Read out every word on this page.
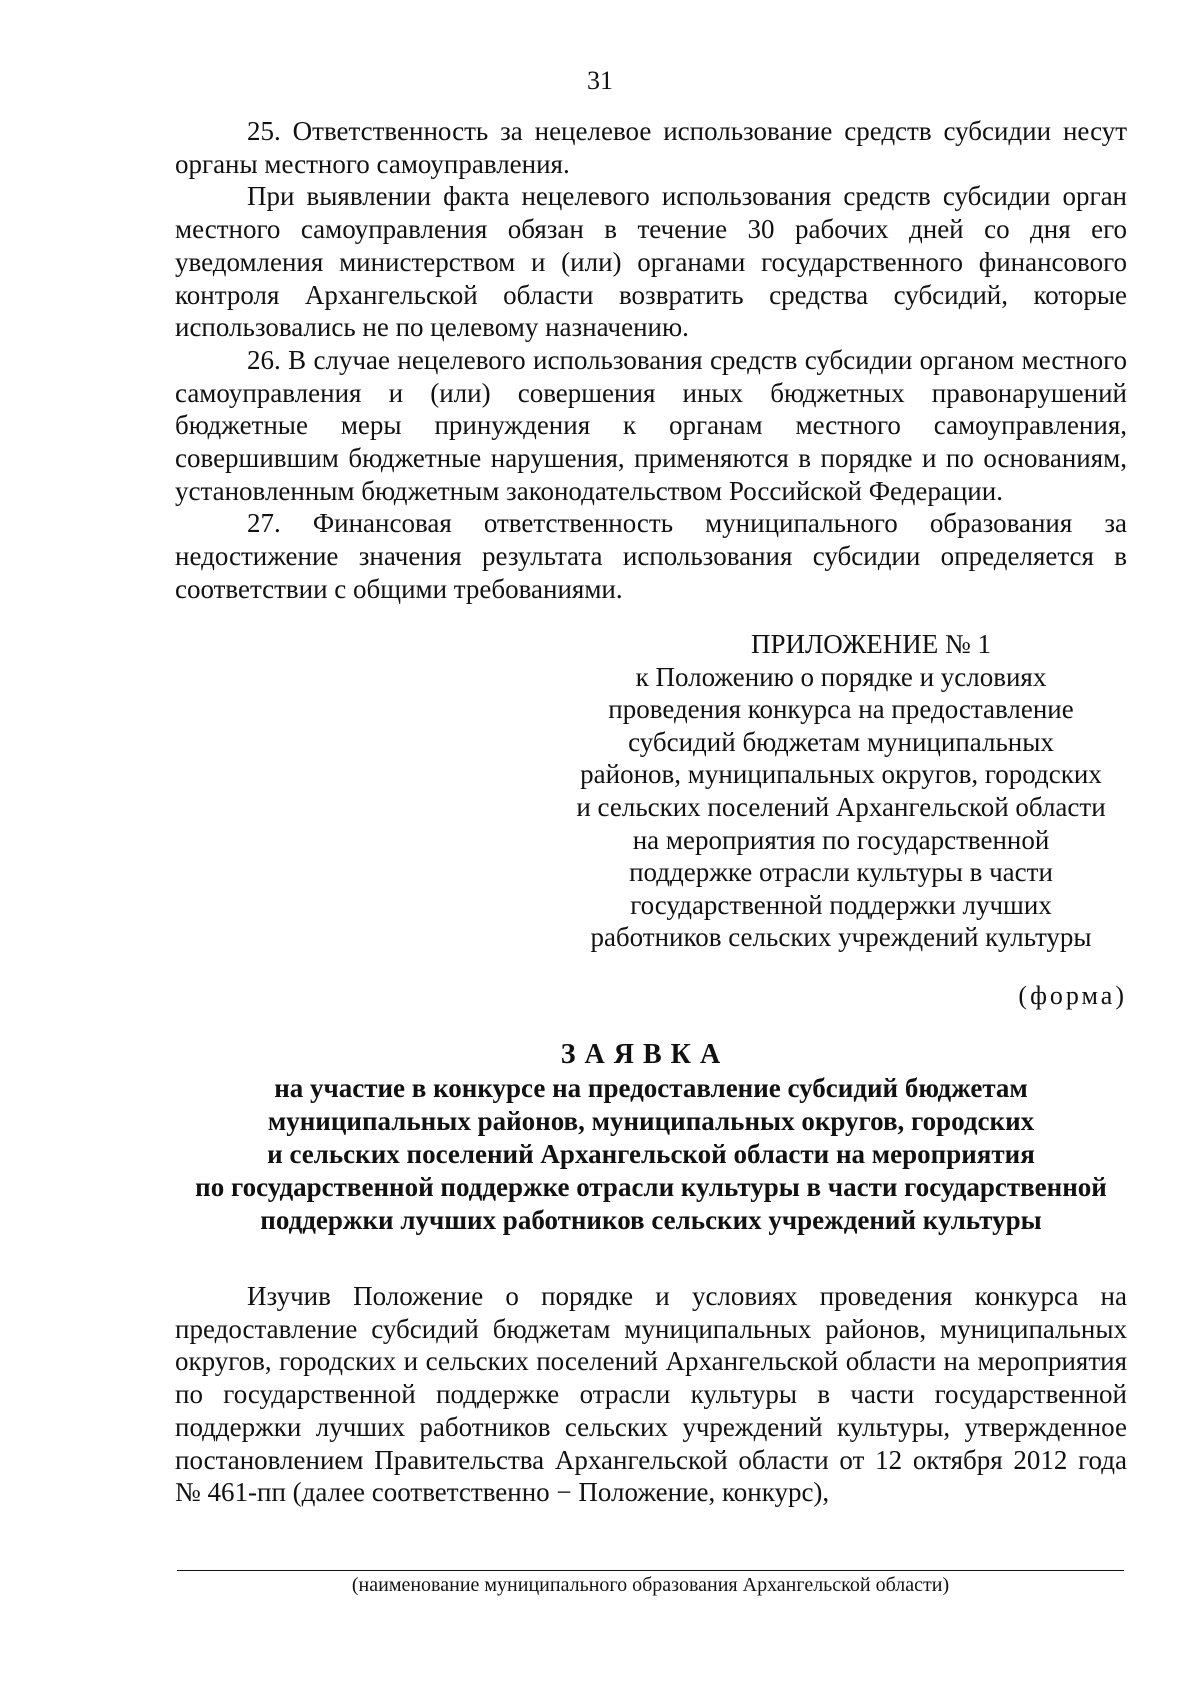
31

25. Ответственность за нецелевое использование средств субсидии несут органы местного самоуправления.

При выявлении факта нецелевого использования средств субсидии орган местного самоуправления обязан в течение 30 рабочих дней со дня его уведомления министерством и (или) органами государственного финансового контроля Архангельской области возвратить средства субсидий, которые использовались не по целевому назначению.

26. В случае нецелевого использования средств субсидии органом местного самоуправления и (или) совершения иных бюджетных правонарушений бюджетные меры принуждения к органам местного самоуправления, совершившим бюджетные нарушения, применяются в порядке и по основаниям, установленным бюджетным законодательством Российской Федерации.

27. Финансовая ответственность муниципального образования за недостижение значения результата использования субсидии определяется в соответствии с общими требованиями.

ПРИЛОЖЕНИЕ № 1
к Положению о порядке и условиях
проведения конкурса на предоставление
субсидий бюджетам муниципальных
районов, муниципальных округов, городских
и сельских поселений Архангельской области
на мероприятия по государственной
поддержке отрасли культуры в части
государственной поддержки лучших
работников сельских учреждений культуры
(форма)
ЗАЯВКА
на участие в конкурсе на предоставление субсидий бюджетам
муниципальных районов, муниципальных округов, городских
и сельских поселений Архангельской области на мероприятия
по государственной поддержке отрасли культуры в части государственной
поддержки лучших работников сельских учреждений культуры

Изучив Положение о порядке и условиях проведения конкурса на предоставление субсидий бюджетам муниципальных районов, муниципальных округов, городских и сельских поселений Архангельской области на мероприятия по государственной поддержке отрасли культуры в части государственной поддержки лучших работников сельских учреждений культуры, утвержденное постановлением Правительства Архангельской области от 12 октября 2012 года № 461-пп (далее соответственно − Положение, конкурс),

(наименование муниципального образования Архангельской области)
